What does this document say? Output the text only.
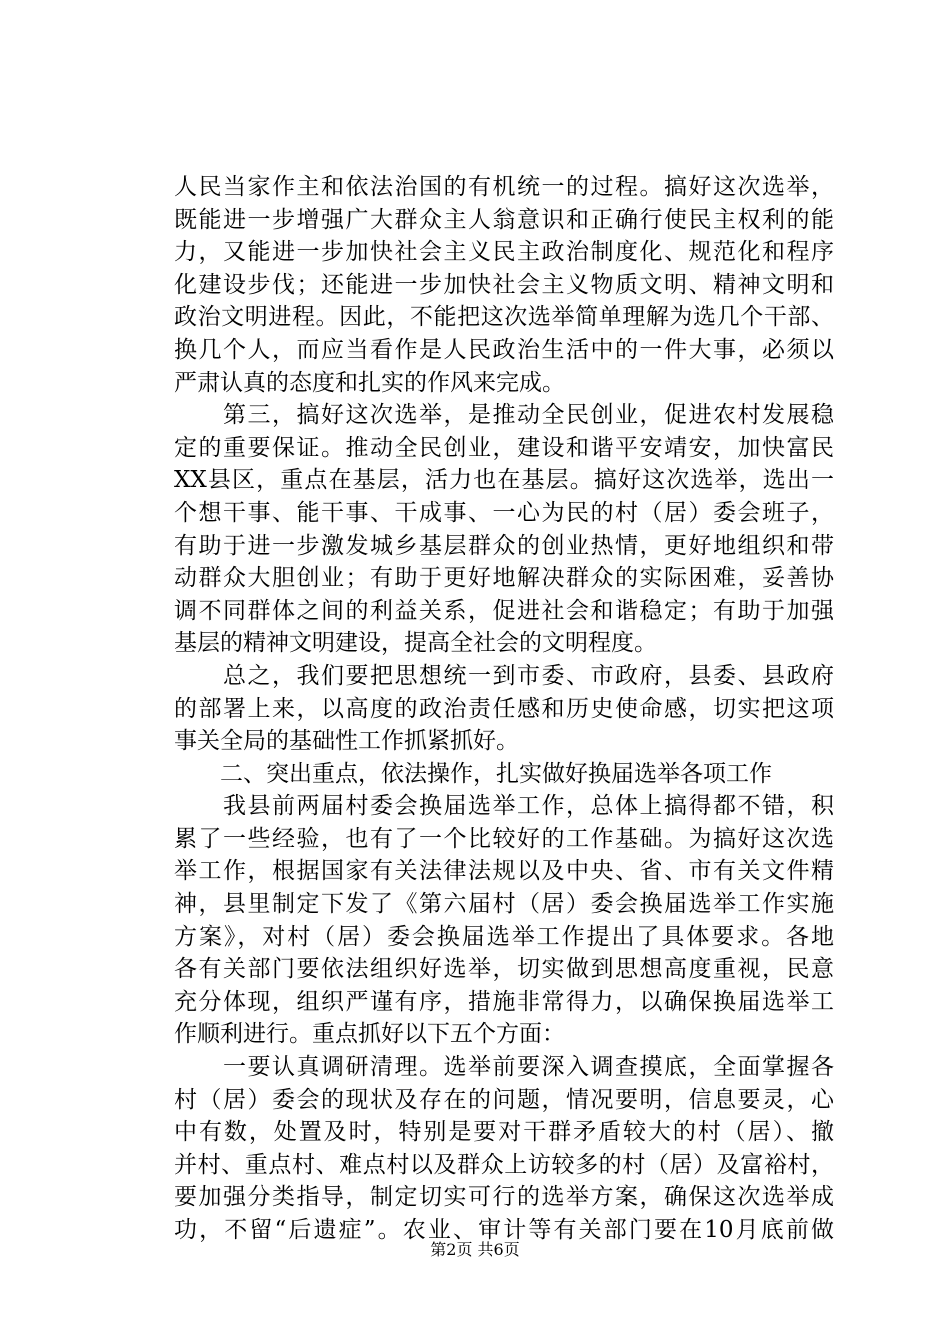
人民当家作主和依法治国的有机统一的过程。搞好这次选举，
既能进一步增强广大群众主人翁意识和正确行使民主权利的能
力，又能进一步加快社会主义民主政治制度化、规范化和程序
化建设步伐；还能进一步加快社会主义物质文明、精神文明和
政治文明进程。因此，不能把这次选举简单理解为选几个干部、
换几个人，而应当看作是人民政治生活中的一件大事，必须以
严肃认真的态度和扎实的作风来完成。
　　第三，搞好这次选举，是推动全民创业，促进农村发展稳
定的重要保证。推动全民创业，建设和谐平安靖安，加快富民
XX县区，重点在基层，活力也在基层。搞好这次选举，选出一
个想干事、能干事、干成事、一心为民的村（居）委会班子，
有助于进一步激发城乡基层群众的创业热情，更好地组织和带
动群众大胆创业；有助于更好地解决群众的实际困难，妥善协
调不同群体之间的利益关系，促进社会和谐稳定；有助于加强
基层的精神文明建设，提高全社会的文明程度。
　　总之，我们要把思想统一到市委、市政府，县委、县政府
的部署上来，以高度的政治责任感和历史使命感，切实把这项
事关全局的基础性工作抓紧抓好。
　　二、突出重点，依法操作，扎实做好换届选举各项工作
　　我县前两届村委会换届选举工作，总体上搞得都不错，积
累了一些经验，也有了一个比较好的工作基础。为搞好这次选
举工作，根据国家有关法律法规以及中央、省、市有关文件精
神，县里制定下发了《第六届村（居）委会换届选举工作实施
方案》，对村（居）委会换届选举工作提出了具体要求。各地
各有关部门要依法组织好选举，切实做到思想高度重视，民意
充分体现，组织严谨有序，措施非常得力，以确保换届选举工
作顺利进行。重点抓好以下五个方面：
　　一要认真调研清理。选举前要深入调查摸底，全面掌握各
村（居）委会的现状及存在的问题，情况要明，信息要灵，心
中有数，处置及时，特别是要对干群矛盾较大的村（居）、撤
并村、重点村、难点村以及群众上访较多的村（居）及富裕村，
要加强分类指导，制定切实可行的选举方案，确保这次选举成
功，不留“后遗症”。农业、审计等有关部门要在10月底前做
第2页 共6页
